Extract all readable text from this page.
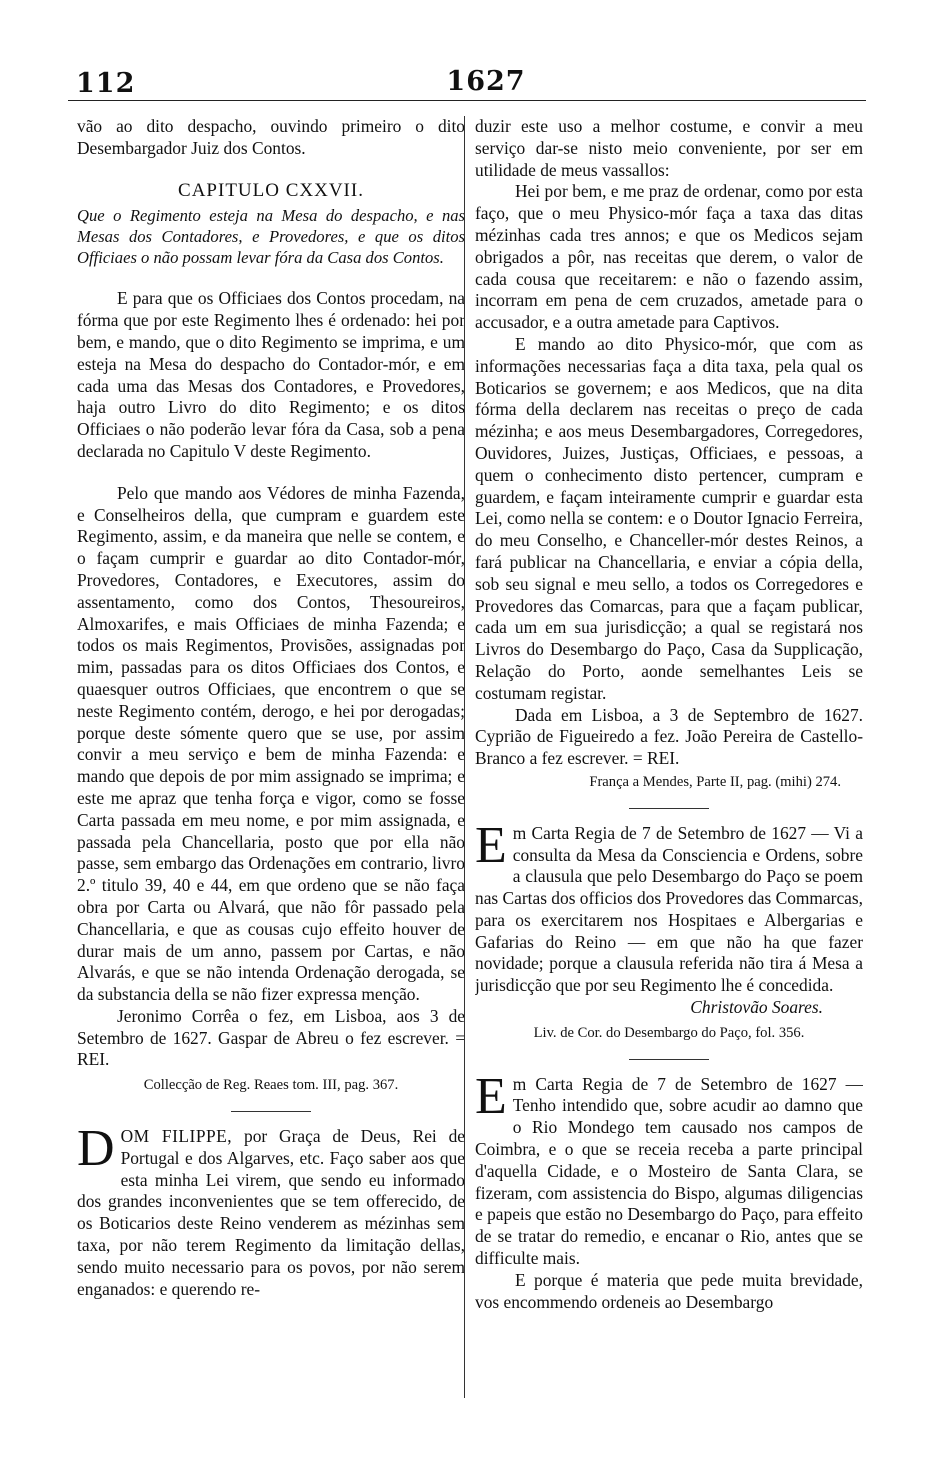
112	1627

vão ao dito despacho, ouvindo primeiro o dito Desembargador Juiz dos Contos.

CAPITULO CXXVII.

Que o Regimento esteja na Mesa do despacho, e nas Mesas dos Contadores, e Provedores, e que os ditos Officiaes o não possam levar fóra da Casa dos Contos.

E para que os Officiaes dos Contos procedam, na fórma que por este Regimento lhes é ordenado: hei por bem, e mando, que o dito Regimento se imprima, e um esteja na Mesa do despacho do Contador-mór, e em cada uma das Mesas dos Contadores, e Provedores, haja outro Livro do dito Regimento; e os ditos Officiaes o não poderão levar fóra da Casa, sob a pena declarada no Capitulo V deste Regimento.

Pelo que mando aos Védores de minha Fazenda, e Conselheiros della, que cumpram e guardem este Regimento, assim, e da maneira que nelle se contem, e o façam cumprir e guardar ao dito Contador-mór, Provedores, Contadores, e Executores, assim do assentamento, como dos Contos, Thesoureiros, Almoxarifes, e mais Officiaes de minha Fazenda; e todos os mais Regimentos, Provisões, assignadas por mim, passadas para os ditos Officiaes dos Contos, e quaesquer outros Officiaes, que encontrem o que se neste Regimento contém, derogo, e hei por derogadas; porque deste sómente quero que se use, por assim convir a meu serviço e bem de minha Fazenda: e mando que depois de por mim assignado se imprima; e este me apraz que tenha força e vigor, como se fosse Carta passada em meu nome, e por mim assignada, e passada pela Chancellaria, posto que por ella não passe, sem embargo das Ordenações em contrario, livro 2.º titulo 39, 40 e 44, em que ordeno que se não faça obra por Carta ou Alvará, que não fôr passado pela Chancellaria, e que as cousas cujo effeito houver de durar mais de um anno, passem por Cartas, e não Alvarás, e que se não intenda Ordenação derogada, se da substancia della se não fizer expressa menção.

Jeronimo Corrêa o fez, em Lisboa, aos 3 de Setembro de 1627. Gaspar de Abreu o fez escrever. = REI.

Collecção de Reg. Reaes tom. III, pag. 367.

DOM FILIPPE, por Graça de Deus, Rei de Portugal e dos Algarves, etc. Faço saber aos que esta minha Lei virem, que sendo eu informado dos grandes inconvenientes que se tem offerecido, de os Boticarios deste Reino venderem as mézinhas sem taxa, por não terem Regimento da limitação dellas, sendo muito necessario para os povos, por não serem enganados: e querendo re-

duzir este uso a melhor costume, e convir a meu serviço dar-se nisto meio conveniente, por ser em utilidade de meus vassallos:

Hei por bem, e me praz de ordenar, como por esta faço, que o meu Physico-mór faça a taxa das ditas mézinhas cada tres annos; e que os Medicos sejam obrigados a pôr, nas receitas que derem, o valor de cada cousa que receitarem: e não o fazendo assim, incorram em pena de cem cruzados, ametade para o accusador, e a outra ametade para Captivos.

E mando ao dito Physico-mór, que com as informações necessarias faça a dita taxa, pela qual os Boticarios se governem; e aos Medicos, que na dita fórma della declarem nas receitas o preço de cada mézinha; e aos meus Desembargadores, Corregedores, Ouvidores, Juizes, Justiças, Officiaes, e pessoas, a quem o conhecimento disto pertencer, cumpram e guardem, e façam inteiramente cumprir e guardar esta Lei, como nella se contem: e o Doutor Ignacio Ferreira, do meu Conselho, e Chanceller-mór destes Reinos, a fará publicar na Chancellaria, e enviar a cópia della, sob seu signal e meu sello, a todos os Corregedores e Provedores das Comarcas, para que a façam publicar, cada um em sua jurisdicção; a qual se registará nos Livros do Desembargo do Paço, Casa da Supplicação, Relação do Porto, aonde semelhantes Leis se costumam registar.

Dada em Lisboa, a 3 de Septembro de 1627. Cyprião de Figueiredo a fez. João Pereira de Castello-Branco a fez escrever. = REI.

França a Mendes, Parte II, pag. (mihi) 274.

Em Carta Regia de 7 de Setembro de 1627 — Vi a consulta da Mesa da Consciencia e Ordens, sobre a clausula que pelo Desembargo do Paço se poem nas Cartas dos officios dos Provedores das Commarcas, para os exercitarem nos Hospitaes e Albergarias e Gafarias do Reino — em que não ha que fazer novidade; porque a clausula referida não tira á Mesa a jurisdicção que por seu Regimento lhe é concedida.

Christovão Soares.

Liv. de Cor. do Desembargo do Paço, fol. 356.

Em Carta Regia de 7 de Setembro de 1627 — Tenho intendido que, sobre acudir ao damno que o Rio Mondego tem causado nos campos de Coimbra, e o que se receia receba a parte principal d'aquella Cidade, e o Mosteiro de Santa Clara, se fizeram, com assistencia do Bispo, algumas diligencias e papeis que estão no Desembargo do Paço, para effeito de se tratar do remedio, e encanar o Rio, antes que se difficulte mais.

E porque é materia que pede muita brevidade, vos encommendo ordeneis ao Desembargo
